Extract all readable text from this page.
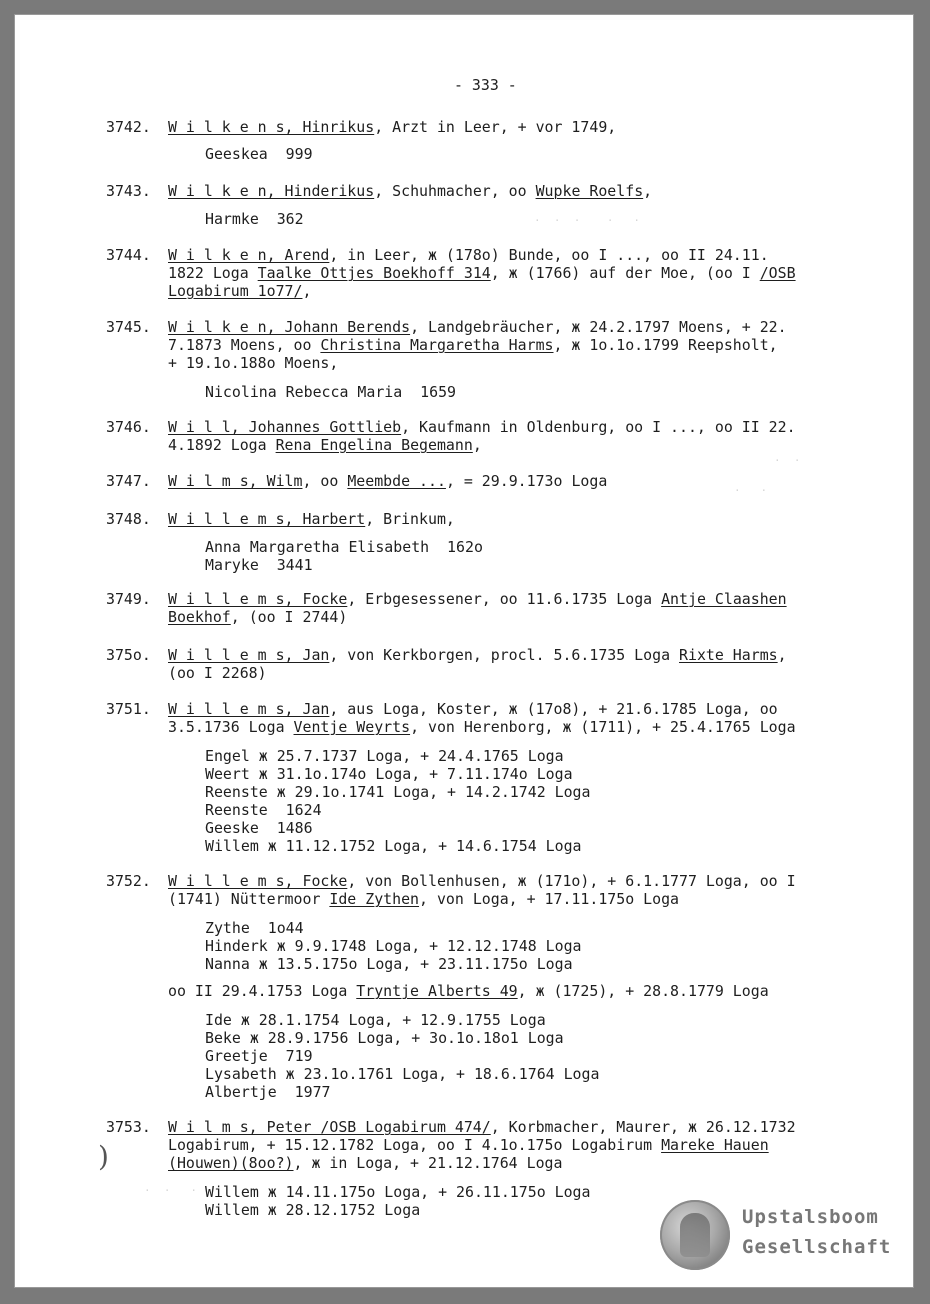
- 333 -
3742. W i l k e n s, Hinrikus, Arzt in Leer, + vor 1749,
Geeskea  999
3743. W i l k e n, Hinderikus, Schuhmacher, oo Wupke Roelfs,
Harmke  362
3744. W i l k e n, Arend, in Leer, ж (178o) Bunde, oo I ..., oo II 24.11.
1822 Loga Taalke Ottjes Boekhoff 314, ж (1766) auf der Moe, (oo I /OSB
Logabirum 1o77/,
3745. W i l k e n, Johann Berends, Landgebräucher, ж 24.2.1797 Moens, + 22.
7.1873 Moens, oo Christina Margaretha Harms, ж 1o.1o.1799 Reepsholt,
+ 19.1o.188o Moens,
Nicolina Rebecca Maria  1659
3746. W i l l, Johannes Gottlieb, Kaufmann in Oldenburg, oo I ..., oo II 22.
4.1892 Loga Rena Engelina Begemann,
3747. W i l m s, Wilm, oo Meembde ..., = 29.9.173o Loga
3748. W i l l e m s, Harbert, Brinkum,
Anna Margaretha Elisabeth  162o
Maryke  3441
3749. W i l l e m s, Focke, Erbgesessener, oo 11.6.1735 Loga Antje Claashen
Boekhof, (oo I 2744)
375o. W i l l e m s, Jan, von Kerkborgen, procl. 5.6.1735 Loga Rixte Harms,
(oo I 2268)
3751. W i l l e m s, Jan, aus Loga, Koster, ж (17o8), + 21.6.1785 Loga, oo
3.5.1736 Loga Ventje Weyrts, von Herenborg, ж (1711), + 25.4.1765 Loga
Engel ж 25.7.1737 Loga, + 24.4.1765 Loga
Weert ж 31.1o.174o Loga, + 7.11.174o Loga
Reenste ж 29.1o.1741 Loga, + 14.2.1742 Loga
Reenste  1624
Geeske  1486
Willem ж 11.12.1752 Loga, + 14.6.1754 Loga
3752. W i l l e m s, Focke, von Bollenhusen, ж (171o), + 6.1.1777 Loga, oo I
(1741) Nüttermoor Ide Zythen, von Loga, + 17.11.175o Loga
Zythe  1o44
Hinderk ж 9.9.1748 Loga, + 12.12.1748 Loga
Nanna ж 13.5.175o Loga, + 23.11.175o Loga
oo II 29.4.1753 Loga Tryntje Alberts 49, ж (1725), + 28.8.1779 Loga
Ide ж 28.1.1754 Loga, + 12.9.1755 Loga
Beke ж 28.9.1756 Loga, + 3o.1o.18o1 Loga
Greetje  719
Lysabeth ж 23.1o.1761 Loga, + 18.6.1764 Loga
Albertje  1977
3753. W i l m s, Peter /OSB Logabirum 474/, Korbmacher, Maurer, ж 26.12.1732
Logabirum, + 15.12.1782 Loga, oo I 4.1o.175o Logabirum Mareke Hauen
(Houwen)(8oo?), ж in Loga, + 21.12.1764 Loga
Willem ж 14.11.175o Loga, + 26.11.175o Loga
Willem ж 28.12.1752 Loga
·  ·  ·    ·   ·
·  ·
·   ·
·  ·   ·
)
Upstalsboom
Gesellschaft
